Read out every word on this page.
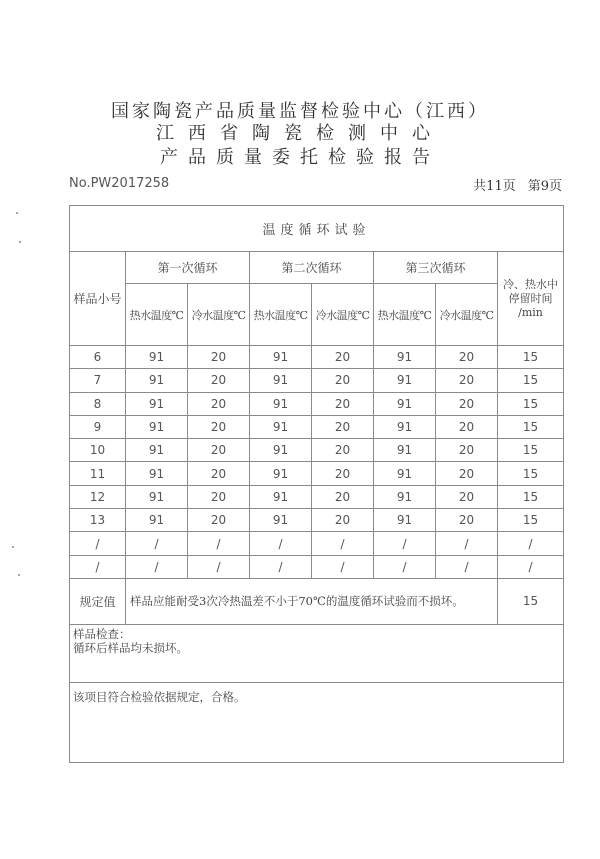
国家陶瓷产品质量监督检验中心（江西）
江西省陶瓷检测中心
产品质量委托检验报告
No.PW2017258	共11页 第9页
温度循环试验							
样品小号	第一次循环		第二次循环		第三次循环		冷、热水中
停留时间
/min

	热水温度℃	冷水温度℃	热水温度℃	冷水温度℃	热水温度℃	冷水温度℃	
6	91	20	91	20	91	20	15
7	91	20	91	20	91	20	15
8	91	20	91	20	91	20	15
9	91	20	91	20	91	20	15
10	91	20	91	20	91	20	15
11	91	20	91	20	91	20	15
12	91	20	91	20	91	20	15
13	91	20	91	20	91	20	15
/	/	/	/	/	/	/	/
/	/	/	/	/	/	/	/
规定值	样品应能耐受3次冷热温差不小于70℃的温度循环试验而不损坏。						15

样品检查：
循环后样品均未损坏。							

该项目符合检验依据规定，合格。							
